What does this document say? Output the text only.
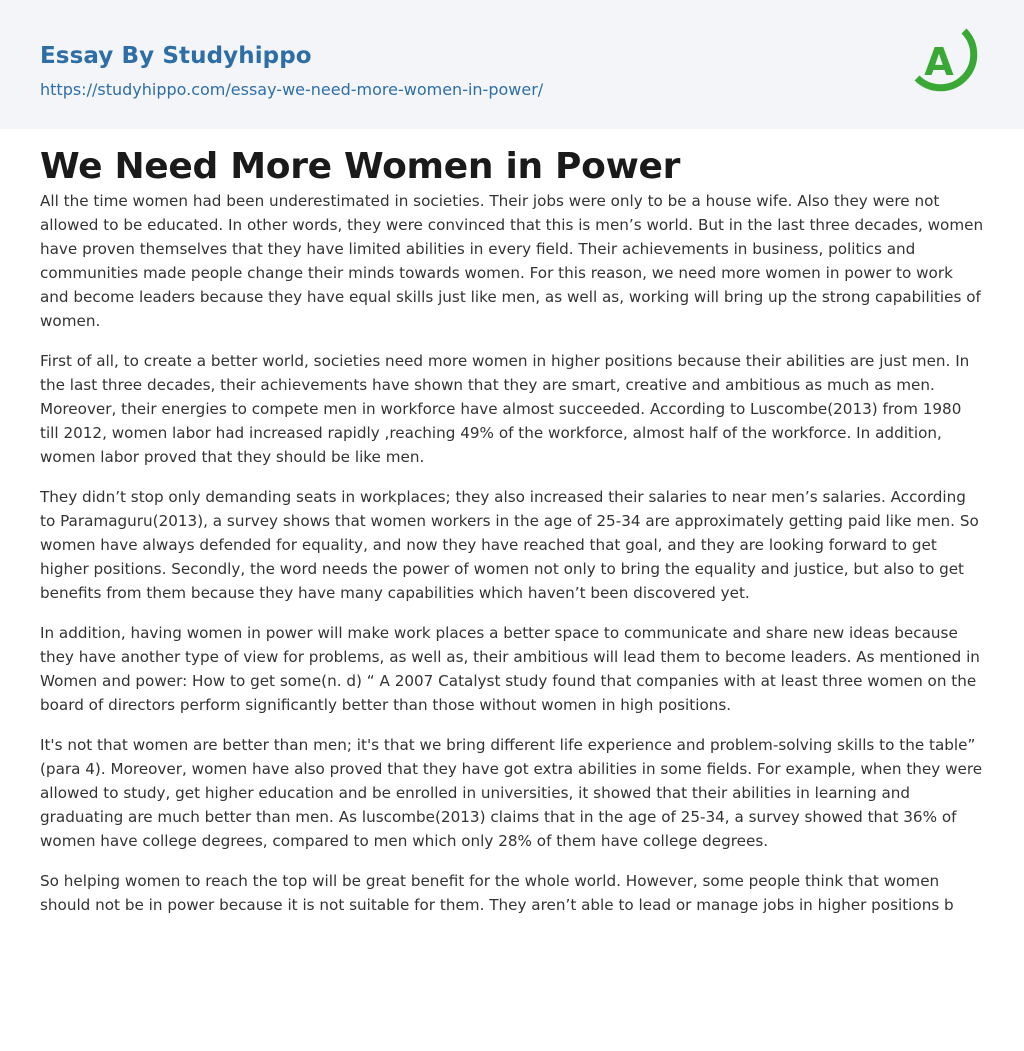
Essay By Studyhippo
https://studyhippo.com/essay-we-need-more-women-in-power/
A
We Need More Women in Power

All the time women had been underestimated in societies. Their jobs were only to be a house wife. Also they were not allowed to be educated. In other words, they were convinced that this is men’s world. But in the last three decades, women have proven themselves that they have limited abilities in every field. Their achievements in business, politics and communities made people change their minds towards women. For this reason, we need more women in power to work and become leaders because they have equal skills just like men, as well as, working will bring up the strong capabilities of women.

First of all, to create a better world, societies need more women in higher positions because their abilities are just men. In the last three decades, their achievements have shown that they are smart, creative and ambitious as much as men. Moreover, their energies to compete men in workforce have almost succeeded. According to Luscombe(2013) from 1980 till 2012, women labor had increased rapidly ,reaching 49% of the workforce, almost half of the workforce. In addition, women labor proved that they should be like men.

They didn’t stop only demanding seats in workplaces; they also increased their salaries to near men’s salaries. According to Paramaguru(2013), a survey shows that women workers in the age of 25-34 are approximately getting paid like men. So women have always defended for equality, and now they have reached that goal, and they are looking forward to get higher positions. Secondly, the word needs the power of women not only to bring the equality and justice, but also to get benefits from them because they have many capabilities which haven’t been discovered yet.

In addition, having women in power will make work places a better space to communicate and share new ideas because they have another type of view for problems, as well as, their ambitious will lead them to become leaders. As mentioned in Women and power: How to get some(n. d) “ A 2007 Catalyst study found that companies with at least three women on the board of directors perform significantly better than those without women in high positions.

It's not that women are better than men; it's that we bring different life experience and problem-solving skills to the table” (para 4). Moreover, women have also proved that they have got extra abilities in some fields. For example, when they were allowed to study, get higher education and be enrolled in universities, it showed that their abilities in learning and graduating are much better than men. As luscombe(2013) claims that in the age of 25-34, a survey showed that 36% of women have college degrees, compared to men which only 28% of them have college degrees.

So helping women to reach the top will be great benefit for the whole world. However, some people think that women should not be in power because it is not suitable for them. They aren’t able to lead or manage jobs in higher positions b
